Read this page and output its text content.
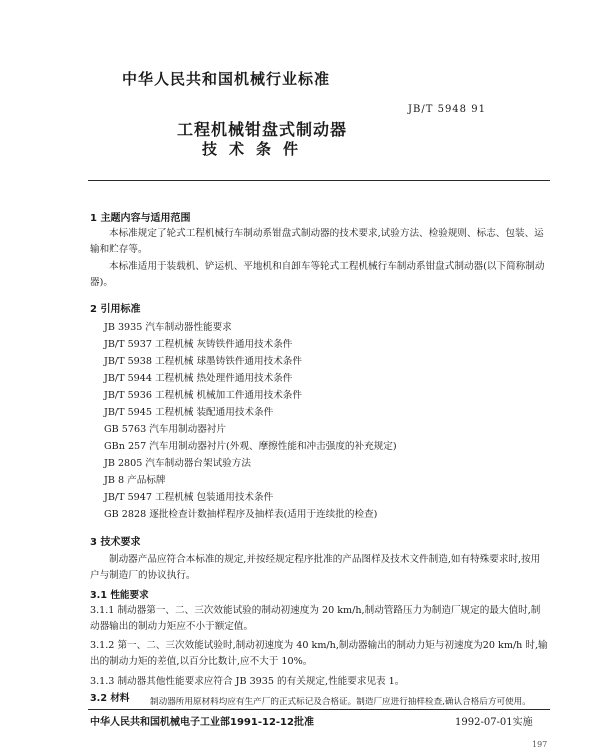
中华人民共和国机械行业标准
JB/T 5948 91
工程机械钳盘式制动器
技术条件
1 主题内容与适用范围
本标准规定了轮式工程机械行车制动系钳盘式制动器的技术要求,试验方法、检验规则、标志、包装、运输和贮存等。
本标准适用于装载机、铲运机、平地机和自卸车等轮式工程机械行车制动系钳盘式制动器(以下简称制动器)。
2 引用标准
JB 3935 汽车制动器性能要求
JB/T 5937 工程机械 灰铸铁件通用技术条件
JB/T 5938 工程机械 球墨铸铁件通用技术条件
JB/T 5944 工程机械 热处理件通用技术条件
JB/T 5936 工程机械 机械加工件通用技术条件
JB/T 5945 工程机械 装配通用技术条件
GB 5763 汽车用制动器衬片
GBn 257 汽车用制动器衬片(外观、摩擦性能和冲击强度的补充规定)
JB 2805 汽车制动器台架试验方法
JB 8 产品标牌
JB/T 5947 工程机械 包装通用技术条件
GB 2828 逐批检查计数抽样程序及抽样表(适用于连续批的检查)
3 技术要求
制动器产品应符合本标准的规定,并按经规定程序批准的产品图样及技术文件制造,如有特殊要求时,按用户与制造厂的协议执行。
3.1 性能要求
3.1.1 制动器第一、二、三次效能试验的制动初速度为 20 km/h,制动管路压力为制造厂规定的最大值时,制动器输出的制动力矩应不小于额定值。
3.1.2 第一、二、三次效能试验时,制动初速度为 40 km/h,制动器输出的制动力矩与初速度为20 km/h 时,输出的制动力矩的差值,以百分比数计,应不大于 10%。
3.1.3 制动器其他性能要求应符合 JB 3935 的有关规定,性能要求见表 1。
3.2 材料
中华人民共和国机械电子工业部1991-12-12批准	1992-07-01实施
197
制动器所用原材料均应有生产厂的正式标记及合格证。制造厂应进行抽样检查,确认合格后方可使用。
